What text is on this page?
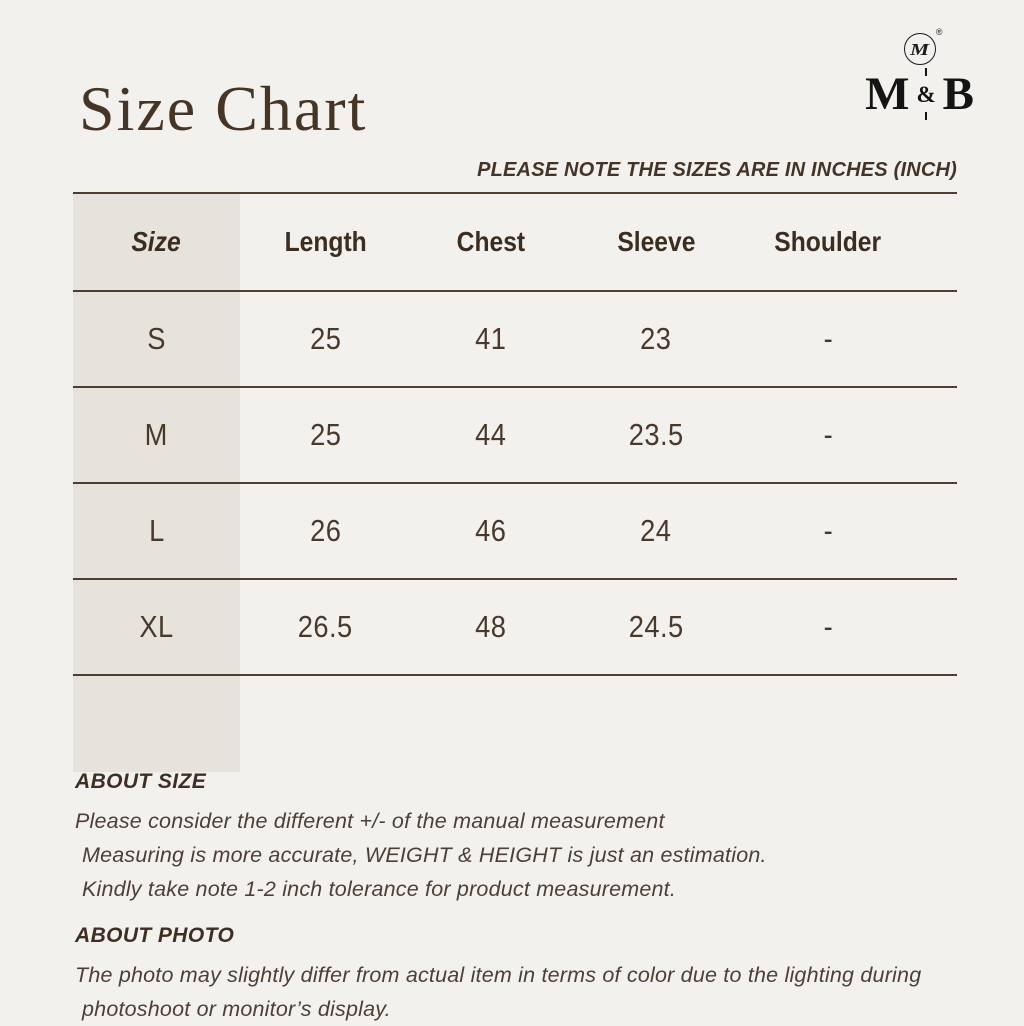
Size Chart
M
®
M & B
PLEASE NOTE THE SIZES ARE IN INCHES (INCH)
Size	Length	Chest	Sleeve	Shoulder
S	25	41	23	-
M	25	44	23.5	-
L	26	46	24	-
XL	26.5	48	24.5	-
ABOUT SIZE
Please consider the different +/- of the manual measurement
Measuring is more accurate, WEIGHT & HEIGHT is just an estimation.
Kindly take note 1-2 inch tolerance for product measurement.
ABOUT PHOTO
The photo may slightly differ from actual item in terms of color due to the lighting during
photoshoot or monitor’s display.
